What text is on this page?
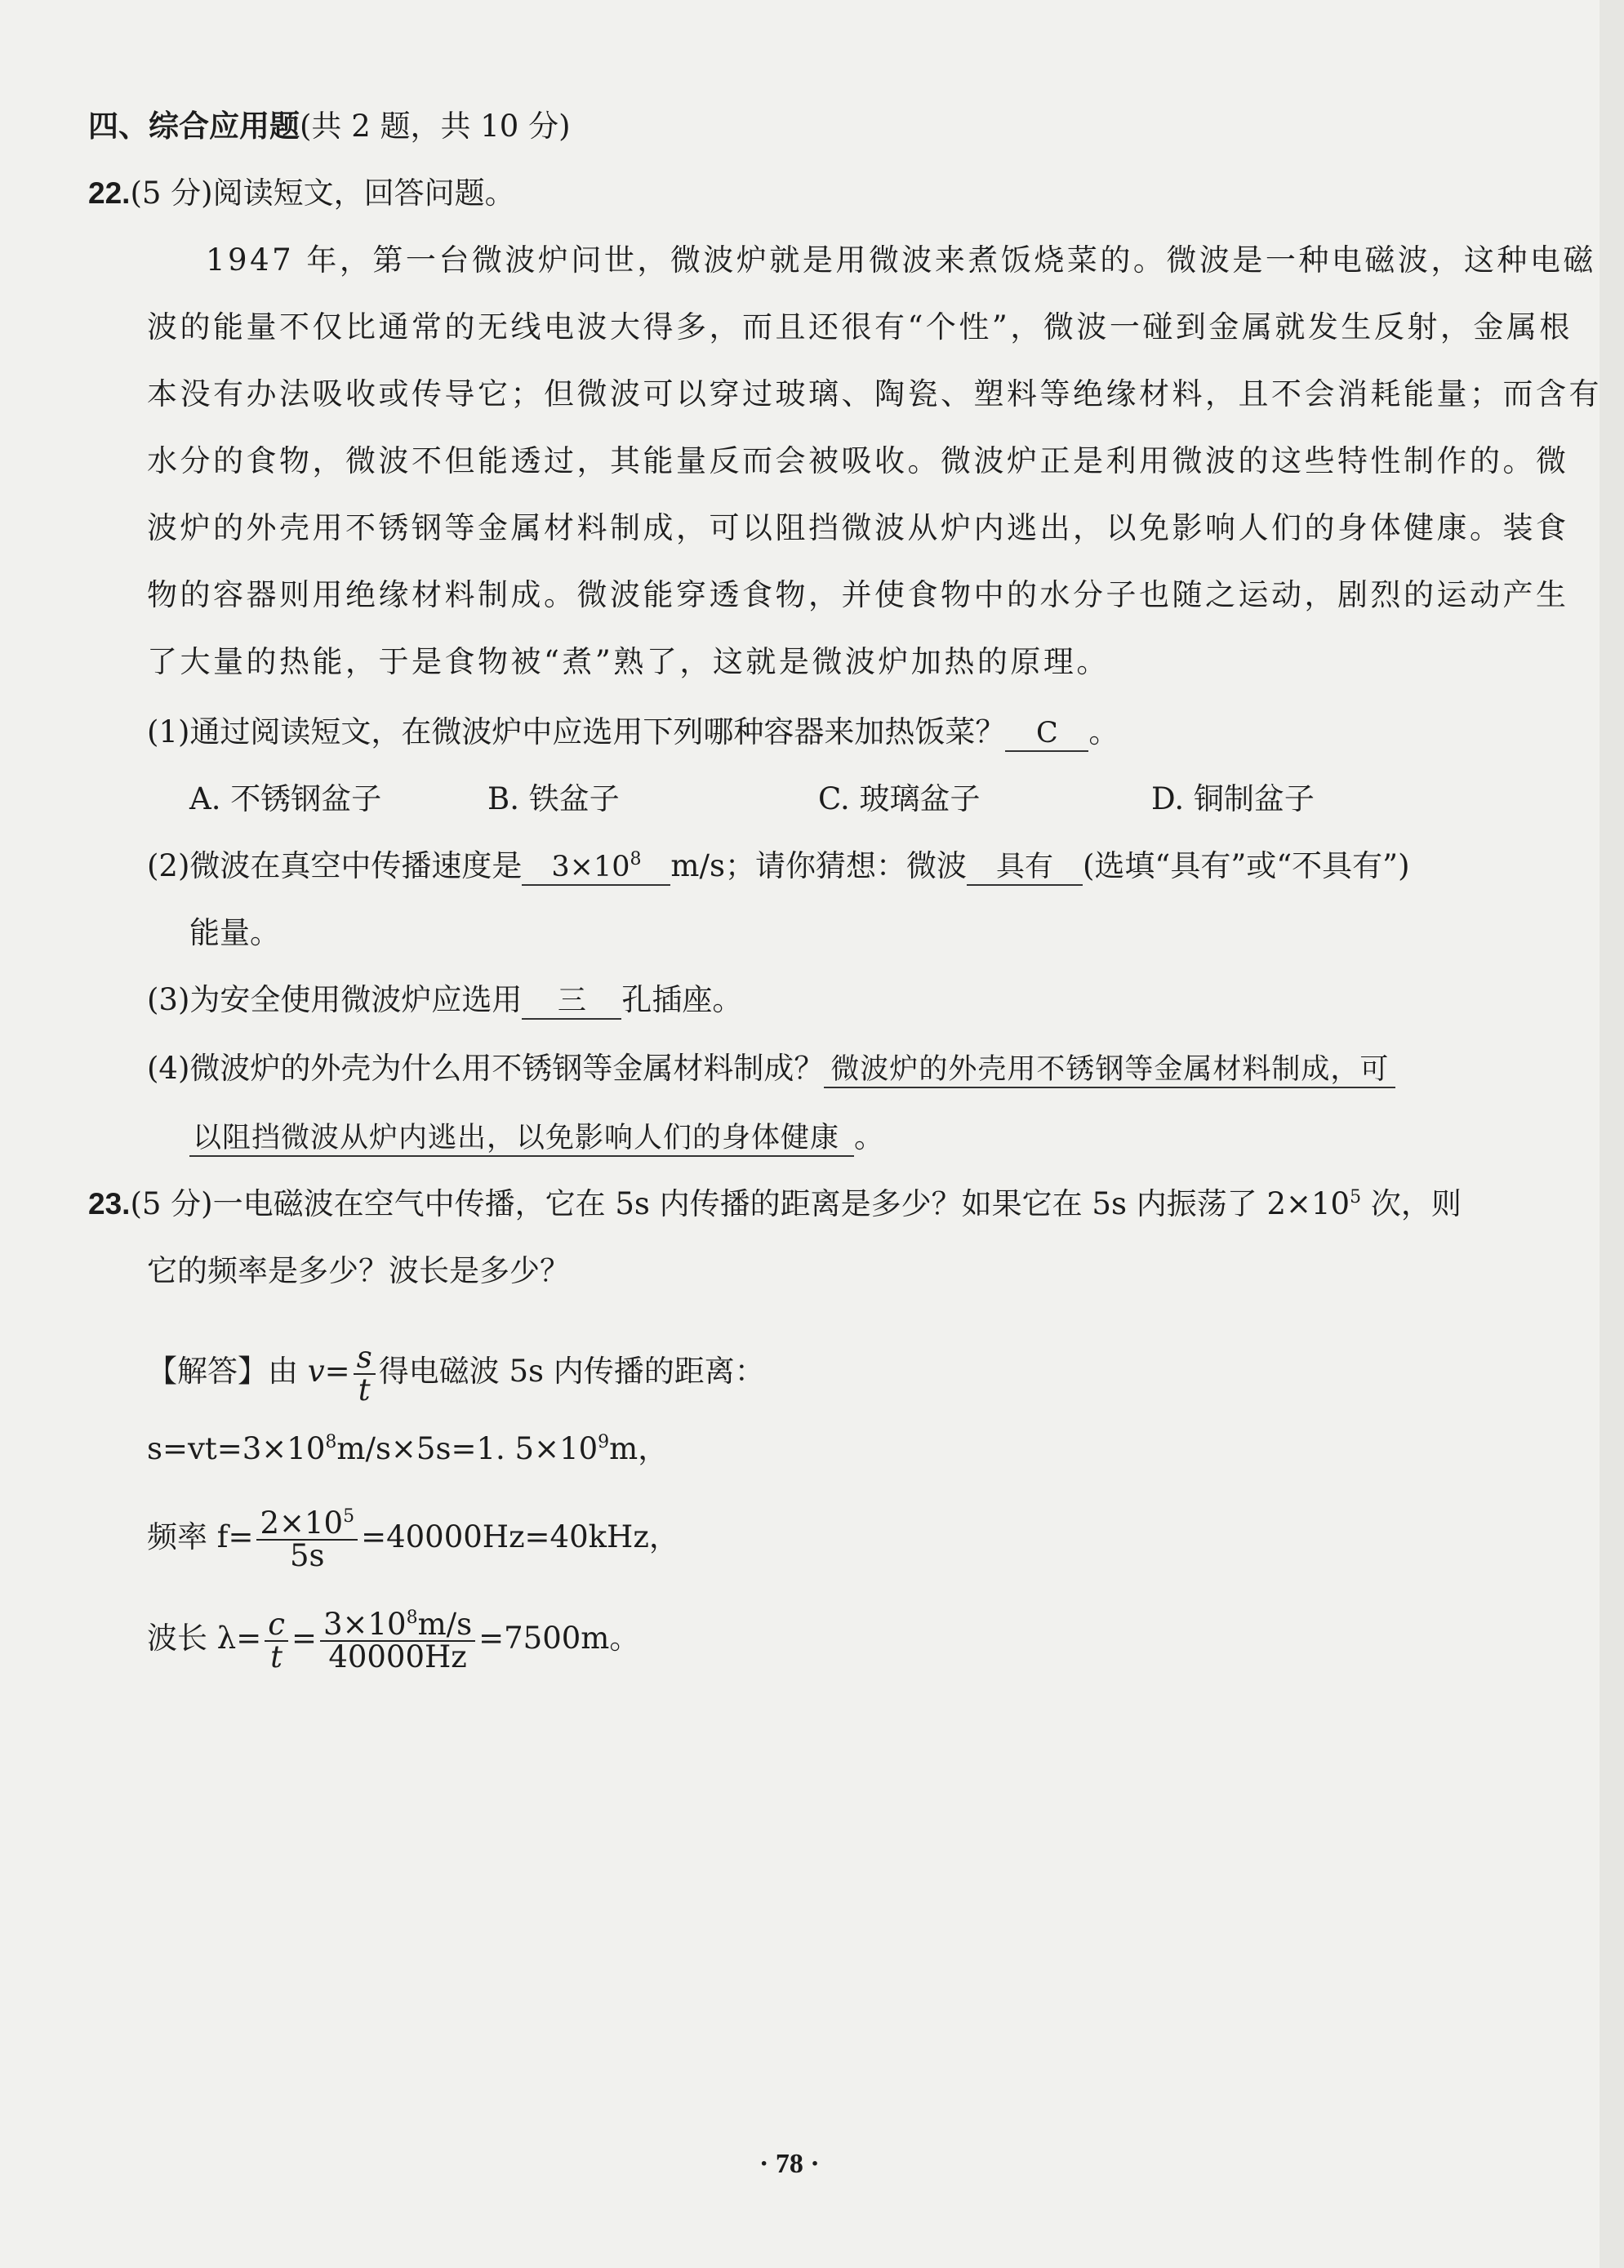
四、综合应用题(共 2 题，共 10 分)
22.(5 分)阅读短文，回答问题。
1947 年，第一台微波炉问世，微波炉就是用微波来煮饭烧菜的。微波是一种电磁波，这种电磁
波的能量不仅比通常的无线电波大得多，而且还很有“个性”，微波一碰到金属就发生反射，金属根
本没有办法吸收或传导它；但微波可以穿过玻璃、陶瓷、塑料等绝缘材料，且不会消耗能量；而含有
水分的食物，微波不但能透过，其能量反而会被吸收。微波炉正是利用微波的这些特性制作的。微
波炉的外壳用不锈钢等金属材料制成，可以阻挡微波从炉内逃出，以免影响人们的身体健康。装食
物的容器则用绝缘材料制成。微波能穿透食物，并使食物中的水分子也随之运动，剧烈的运动产生
了大量的热能，于是食物被“煮”熟了，这就是微波炉加热的原理。
(1)通过阅读短文，在微波炉中应选用下列哪种容器来加热饭菜？ C 。
A. 不锈钢盆子	B. 铁盆子	C. 玻璃盆子	D. 铜制盆子
(2)微波在真空中传播速度是 $3\times 10^8$ m/s；请你猜想：微波 具有 (选填“具有”或“不具有”)
能量。
(3)为安全使用微波炉应选用 三 孔插座。
(4)微波炉的外壳为什么用不锈钢等金属材料制成？ 微波炉的外壳用不锈钢等金属材料制成，可
以阻挡微波从炉内逃出，以免影响人们的身体健康 。
23.(5 分)一电磁波在空气中传播，它在 5s 内传播的距离是多少？如果它在 5s 内振荡了 $2\times 10^5$ 次，则
它的频率是多少？波长是多少？
【解答】由 $v= \frac{s}{t}$ 得电磁波 5s 内传播的距离：
$s=vt=3\times 10^8m/s\times 5s=1$. $5\times 10^9m$，
频率 $f= \frac{2\times 10^5}{5s} =40000Hz=40kHz$，
波长 $\lambda= \frac{c}{t} = \frac{3\times 10^8m/s}{40000Hz} =7500m$。
· 78 ·
